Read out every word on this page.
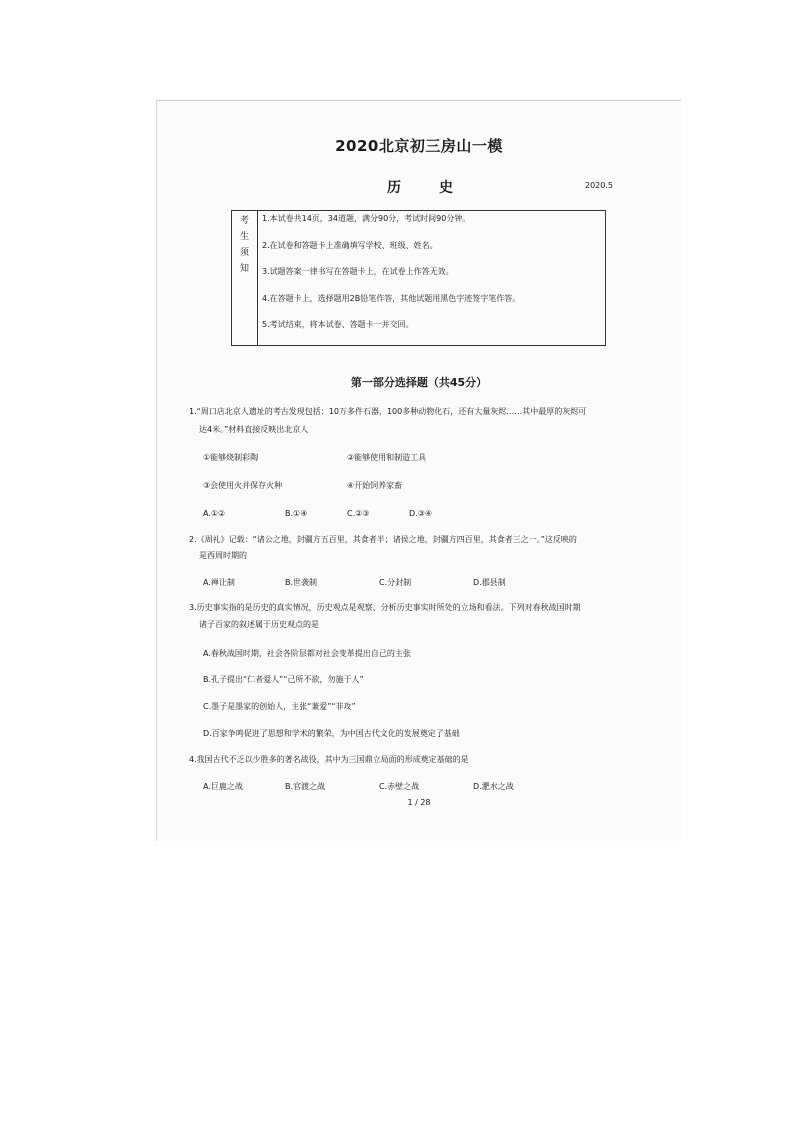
2020北京初三房山一模
历史	2020.5
考
生
须
知
1.本试卷共14页，34道题，满分90分，考试时间90分钟。
2.在试卷和答题卡上准确填写学校、班级、姓名。
3.试题答案一律书写在答题卡上，在试卷上作答无效。
4.在答题卡上，选择题用2B铅笔作答，其他试题用黑色字迹签字笔作答。
5.考试结束，将本试卷、答题卡一并交回。
第一部分选择题（共45分）
1.“周口店北京人遗址的考古发现包括：10万多件石器，100多种动物化石，还有大量灰烬……其中最厚的灰烬可
达4米。”材料直接反映出北京人
①能够烧制彩陶	②能够使用和制造工具
③会使用火并保存火种	④开始饲养家畜
A.①②	B.①④	C.②③	D.③④
2.《周礼》记载：“诸公之地，封疆方五百里，其食者半；诸侯之地，封疆方四百里，其食者三之一。”这反映的
是西周时期的
A.禅让制	B.世袭制	C.分封制	D.郡县制
3.历史事实指的是历史的真实情况，历史观点是观察、分析历史事实时所处的立场和看法。下列对春秋战国时期
诸子百家的叙述属于历史观点的是
A.春秋战国时期，社会各阶层都对社会变革提出自己的主张
B.孔子提出“仁者爱人”“己所不欲，勿施于人”
C.墨子是墨家的创始人，主张“兼爱”“非攻”
D.百家争鸣促进了思想和学术的繁荣，为中国古代文化的发展奠定了基础
4.我国古代不乏以少胜多的著名战役，其中为三国鼎立局面的形成奠定基础的是
A.巨鹿之战	B.官渡之战	C.赤壁之战	D.淝水之战
1 / 28
